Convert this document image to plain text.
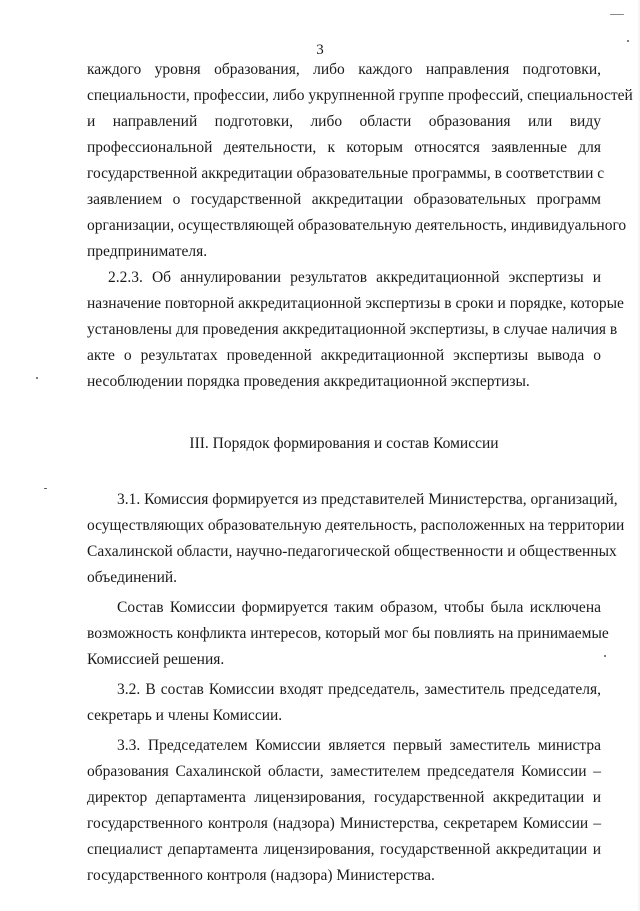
3
каждого уровня образования, либо каждого направления подготовки,
специальности, профессии, либо укрупненной группе профессий, специальностей
и направлений подготовки, либо области образования или виду
профессиональной деятельности, к которым относятся заявленные для
государственной аккредитации образовательные программы, в соответствии с
заявлением о государственной аккредитации образовательных программ
организации, осуществляющей образовательную деятельность, индивидуального
предпринимателя.
2.2.3. Об аннулировании результатов аккредитационной экспертизы и
назначение повторной аккредитационной экспертизы в сроки и порядке, которые
установлены для проведения аккредитационной экспертизы, в случае наличия в
акте о результатах проведенной аккредитационной экспертизы вывода о
несоблюдении порядка проведения аккредитационной экспертизы.
III. Порядок формирования и состав Комиссии
3.1. Комиссия формируется из представителей Министерства, организаций,
осуществляющих образовательную деятельность, расположенных на территории
Сахалинской области, научно-педагогической общественности и общественных
объединений.
Состав Комиссии формируется таким образом, чтобы была исключена
возможность конфликта интересов, который мог бы повлиять на принимаемые
Комиссией решения.
3.2. В состав Комиссии входят председатель, заместитель председателя,
секретарь и члены Комиссии.
3.3. Председателем Комиссии является первый заместитель министра
образования Сахалинской области, заместителем председателя Комиссии –
директор департамента лицензирования, государственной аккредитации и
государственного контроля (надзора) Министерства, секретарем Комиссии –
специалист департамента лицензирования, государственной аккредитации и
государственного контроля (надзора) Министерства.
